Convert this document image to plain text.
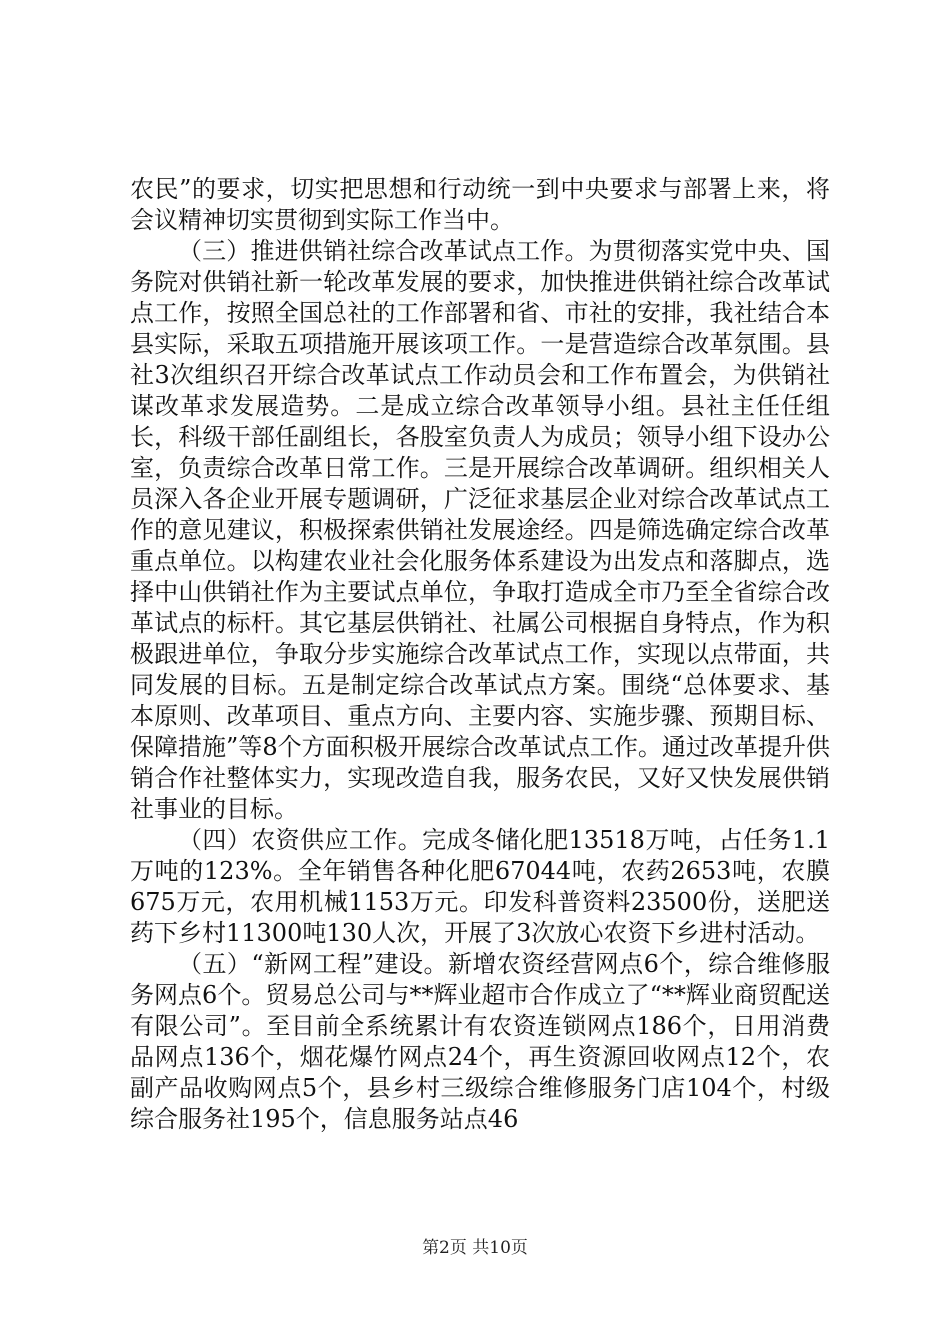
农民”的要求，切实把思想和行动统一到中央要求与部署上来，将会议精神切实贯彻到实际工作当中。

（三）推进供销社综合改革试点工作。为贯彻落实党中央、国务院对供销社新一轮改革发展的要求，加快推进供销社综合改革试点工作，按照全国总社的工作部署和省、市社的安排，我社结合本县实际，采取五项措施开展该项工作。一是营造综合改革氛围。县社3次组织召开综合改革试点工作动员会和工作布置会，为供销社谋改革求发展造势。二是成立综合改革领导小组。县社主任任组长，科级干部任副组长，各股室负责人为成员；领导小组下设办公室，负责综合改革日常工作。三是开展综合改革调研。组织相关人员深入各企业开展专题调研，广泛征求基层企业对综合改革试点工作的意见建议，积极探索供销社发展途经。四是筛选确定综合改革重点单位。以构建农业社会化服务体系建设为出发点和落脚点，选择中山供销社作为主要试点单位，争取打造成全市乃至全省综合改革试点的标杆。其它基层供销社、社属公司根据自身特点，作为积极跟进单位，争取分步实施综合改革试点工作，实现以点带面，共同发展的目标。五是制定综合改革试点方案。围绕“总体要求、基本原则、改革项目、重点方向、主要内容、实施步骤、预期目标、保障措施”等8个方面积极开展综合改革试点工作。通过改革提升供销合作社整体实力，实现改造自我，服务农民，又好又快发展供销社事业的目标。

（四）农资供应工作。完成冬储化肥13518万吨，占任务1.1万吨的123%。全年销售各种化肥67044吨，农药2653吨，农膜675万元，农用机械1153万元。印发科普资料23500份，送肥送药下乡村11300吨130人次，开展了3次放心农资下乡进村活动。

（五）“新网工程”建设。新增农资经营网点6个，综合维修服务网点6个。贸易总公司与**辉业超市合作成立了“**辉业商贸配送有限公司”。至目前全系统累计有农资连锁网点186个，日用消费品网点136个，烟花爆竹网点24个，再生资源回收网点12个，农副产品收购网点5个，县乡村三级综合维修服务门店104个，村级综合服务社195个，信息服务站点46

第2页 共10页
